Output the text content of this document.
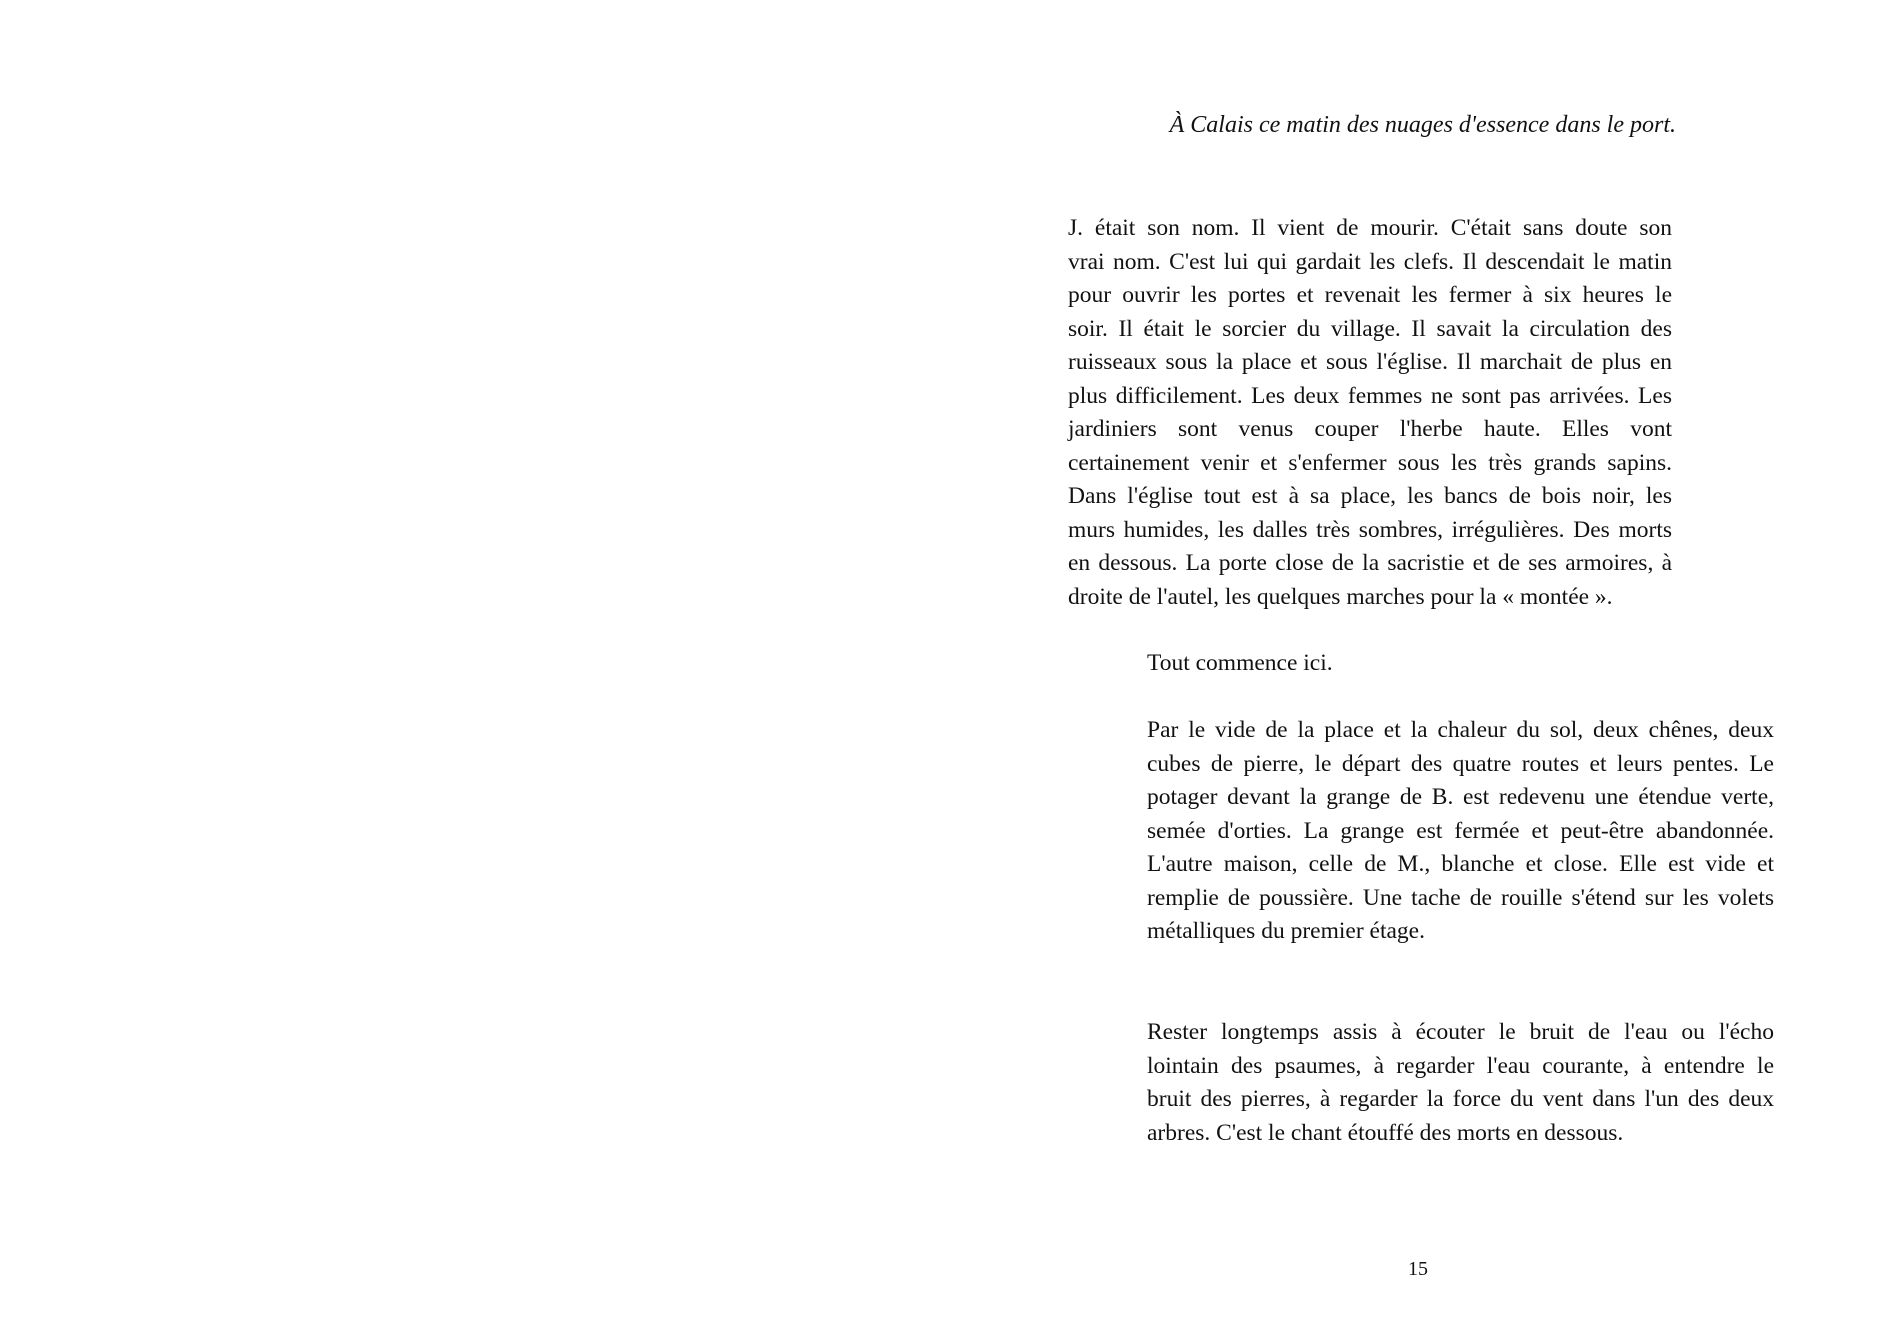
À Calais ce matin des nuages d'essence dans le port.
J. était son nom. Il vient de mourir. C'était sans doute son
vrai nom. C'est lui qui gardait les clefs. Il descendait le matin
pour ouvrir les portes et revenait les fermer à six heures le
soir. Il était le sorcier du village. Il savait la circulation des
ruisseaux sous la place et sous l'église. Il marchait de plus en
plus difficilement. Les deux femmes ne sont pas arrivées. Les
jardiniers sont venus couper l'herbe haute. Elles vont
certainement venir et s'enfermer sous les très grands sapins.
Dans l'église tout est à sa place, les bancs de bois noir, les
murs humides, les dalles très sombres, irrégulières. Des morts
en dessous. La porte close de la sacristie et de ses armoires, à
droite de l'autel, les quelques marches pour la « montée ».
Tout commence ici.
Par le vide de la place et la chaleur du sol, deux chênes, deux
cubes de pierre, le départ des quatre routes et leurs pentes. Le
potager devant la grange de B. est redevenu une étendue verte,
semée d'orties. La grange est fermée et peut-être abandonnée.
L'autre maison, celle de M., blanche et close. Elle est vide et
remplie de poussière. Une tache de rouille s'étend sur les volets
métalliques du premier étage.
Rester longtemps assis à écouter le bruit de l'eau ou l'écho
lointain des psaumes, à regarder l'eau courante, à entendre le
bruit des pierres, à regarder la force du vent dans l'un des deux
arbres. C'est le chant étouffé des morts en dessous.
15
